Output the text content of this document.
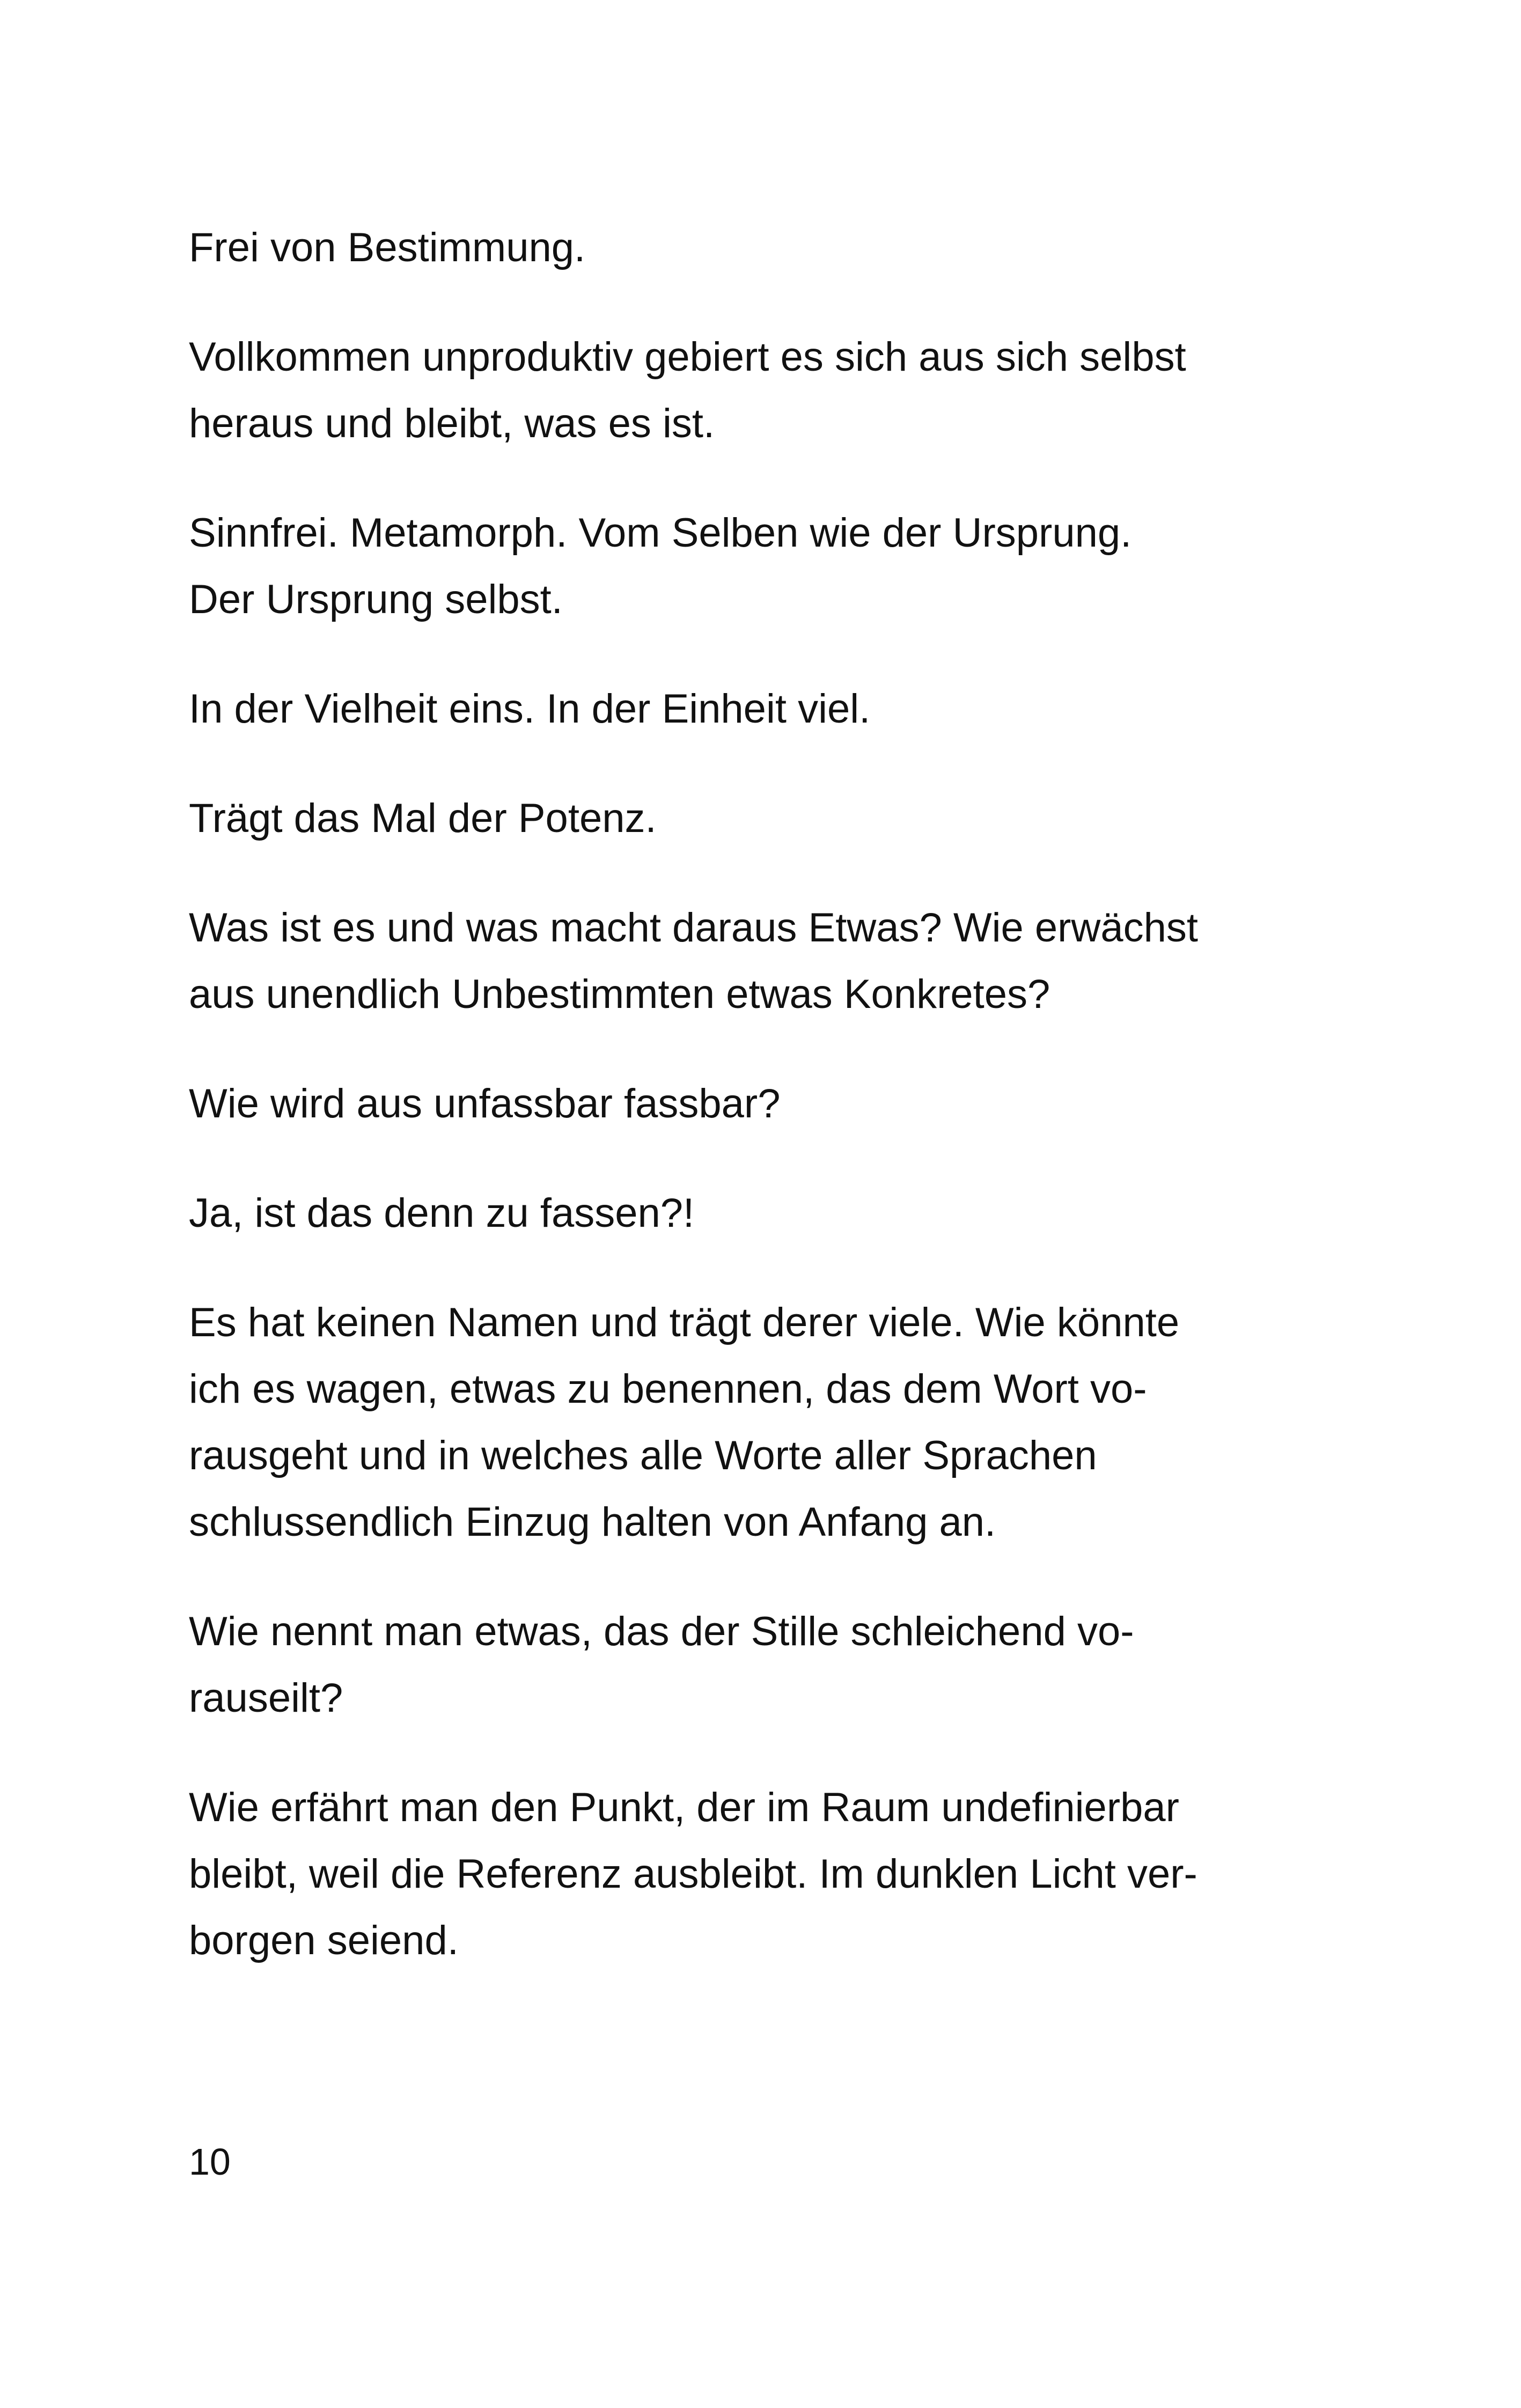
Frei von Bestimmung.

Vollkommen unproduktiv gebiert es sich aus sich selbst
heraus und bleibt, was es ist.

Sinnfrei. Metamorph. Vom Selben wie der Ursprung.
Der Ursprung selbst.

In der Vielheit eins. In der Einheit viel.

Trägt das Mal der Potenz.

Was ist es und was macht daraus Etwas? Wie erwächst
aus unendlich Unbestimmten etwas Konkretes?

Wie wird aus unfassbar fassbar?

Ja, ist das denn zu fassen?!

Es hat keinen Namen und trägt derer viele. Wie könnte
ich es wagen, etwas zu benennen, das dem Wort vo-
rausgeht und in welches alle Worte aller Sprachen
schlussendlich Einzug halten von Anfang an.

Wie nennt man etwas, das der Stille schleichend vo-
rauseilt?

Wie erfährt man den Punkt, der im Raum undefinierbar
bleibt, weil die Referenz ausbleibt. Im dunklen Licht ver-
borgen seiend.

10
